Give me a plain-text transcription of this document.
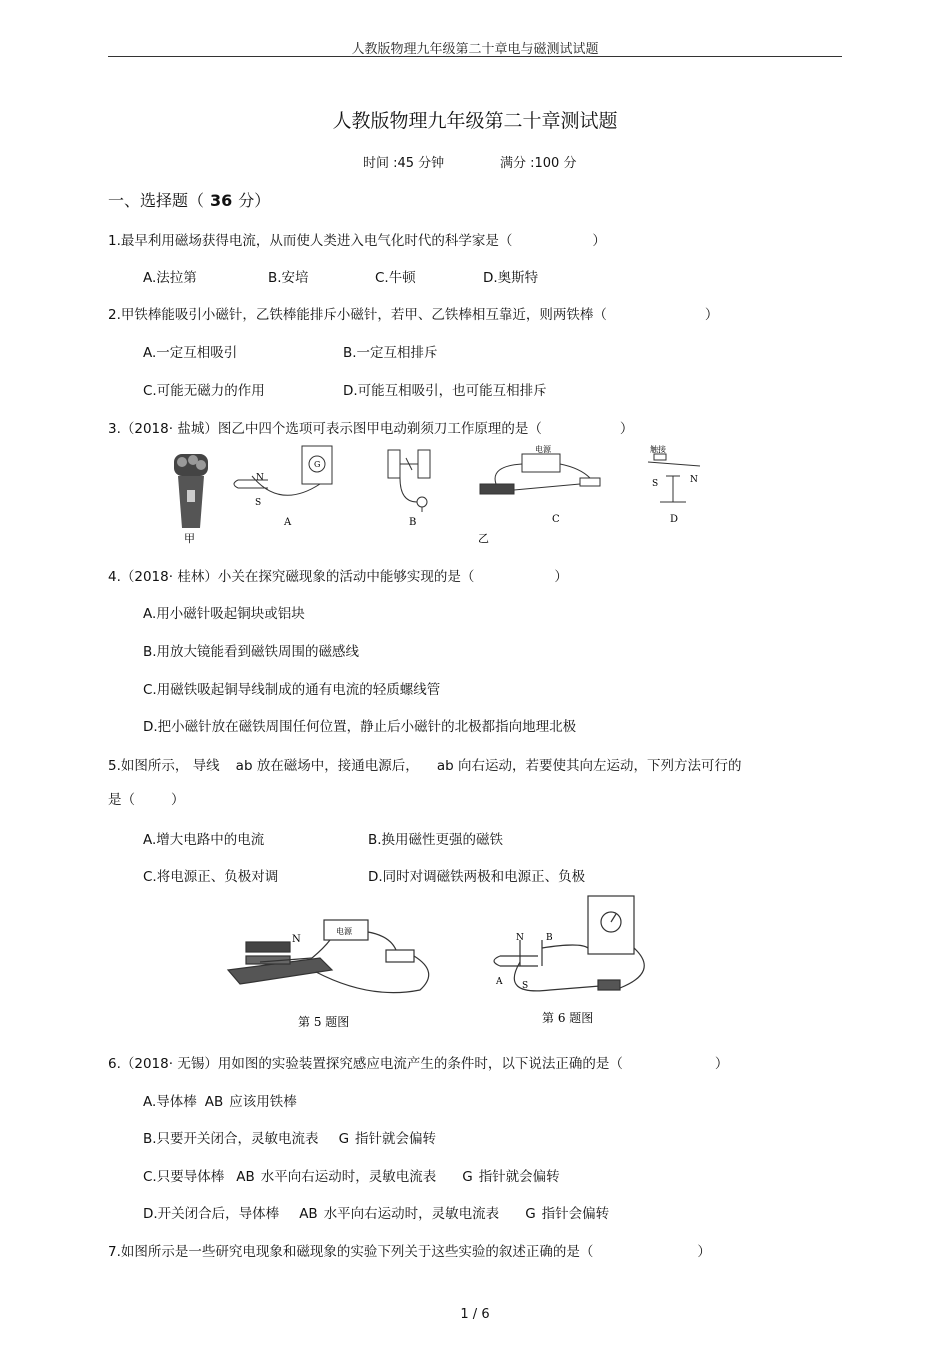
人教版物理九年级第二十章电与磁测试试题
人教版物理九年级第二十章测试题
时间 :45 分钟	满分 :100 分
一、选择题（ 36 分）
1.最早利用磁场获得电流，从而使人类进入电气化时代的科学家是（	）
A.法拉第	B.安培	C.牛顿	D.奥斯特
2.甲铁棒能吸引小磁针，乙铁棒能排斥小磁针，若甲、乙铁棒相互靠近，则两铁棒（	）
A.一定互相吸引	B.一定互相排斥
C.可能无磁力的作用	D.可能互相吸引，也可能互相排斥
3.（2018· 盐城）图乙中四个选项可表示图甲电动剃须刀工作原理的是（	）
甲
N
S
G
A	B
电源
C
触接
S	N
D
乙
4.（2018· 桂林）小关在探究磁现象的活动中能够实现的是（	）
A.用小磁针吸起铜块或铝块
B.用放大镜能看到磁铁周围的磁感线
C.用磁铁吸起铜导线制成的通有电流的轻质螺线管
D.把小磁针放在磁铁周围任何位置，静止后小磁针的北极都指向地理北极
5.如图所示， 导线 ab 放在磁场中，接通电源后， ab 向右运动，若要使其向左运动，下列方法可行的
是（	）
A.增大电路中的电流	B.换用磁性更强的磁铁
C.将电源正、负极对调	D.同时对调磁铁两极和电源正、负极
N
电源
第 5 题图
N B
A S
第 6 题图
6.（2018· 无锡）用如图的实验装置探究感应电流产生的条件时，以下说法正确的是（	）
A.导体棒 AB 应该用铁棒
B.只要开关闭合，灵敏电流表 G 指针就会偏转
C.只要导体棒 AB 水平向右运动时，灵敏电流表 G 指针就会偏转
D.开关闭合后，导体棒 AB 水平向右运动时，灵敏电流表 G 指针会偏转
7.如图所示是一些研究电现象和磁现象的实验下列关于这些实验的叙述正确的是（	）
1 / 6
